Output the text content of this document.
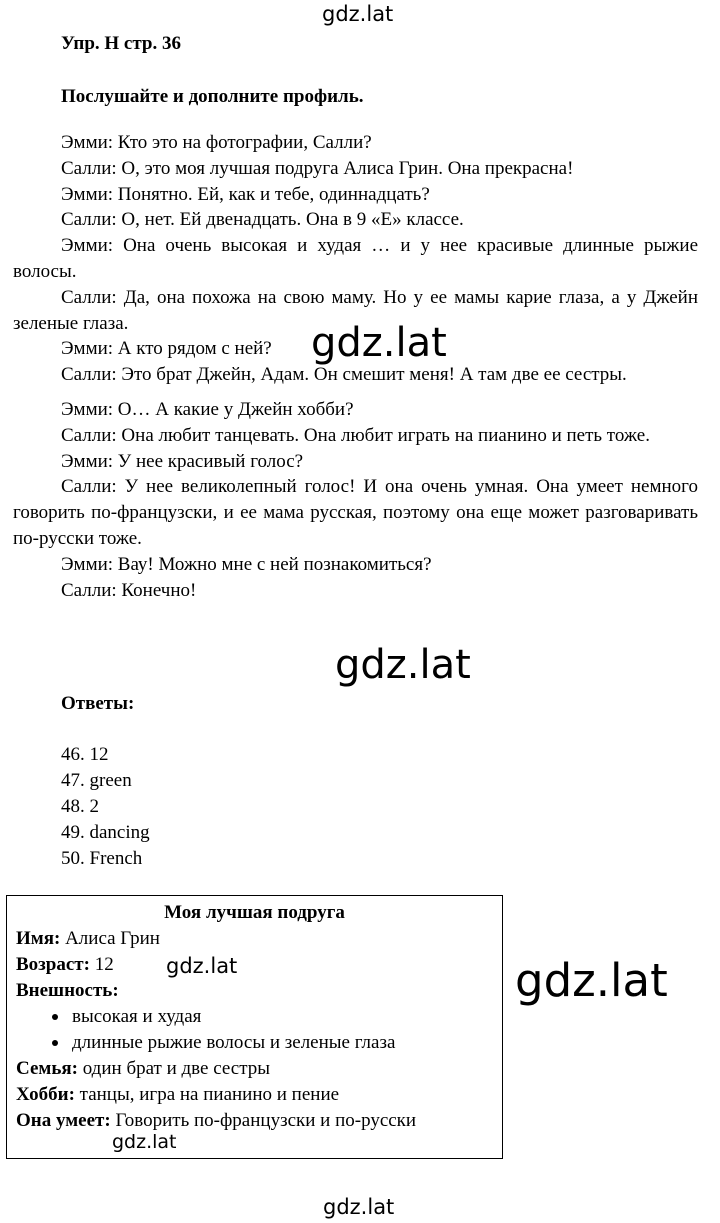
gdz.lat
Упр. H стр. 36
Послушайте и дополните профиль.

Эмми: Кто это на фотографии, Салли?

Салли: О, это моя лучшая подруга Алиса Грин. Она прекрасна!

Эмми: Понятно. Ей, как и тебе, одиннадцать?

Салли: О, нет. Ей двенадцать. Она в 9 «Е» классе.

Эмми: Она очень высокая и худая … и у нее красивые длинные рыжие волосы.

Салли: Да, она похожа на свою маму. Но у ее мамы карие глаза, а у Джейн зеленые глаза.

Эмми: А кто рядом с ней?

Салли: Это брат Джейн, Адам. Он смешит меня! А там две ее сестры.

Эмми: О… А какие у Джейн хобби?

Салли: Она любит танцевать. Она любит играть на пианино и петь тоже.

Эмми: У нее красивый голос?

Салли: У нее великолепный голос! И она очень умная. Она умеет немного говорить по-французски, и ее мама русская, поэтому она еще может разговаривать по-русски тоже.

Эмми: Вау! Можно мне с ней познакомиться?

Салли: Конечно!

gdz.lat
gdz.lat
Ответы:
46. 12
47. green
48. 2
49. dancing
50. French
Моя лучшая подруга
Имя: Алиса Грин
Возраст: 12
Внешность:
высокая и худая
длинные рыжие волосы и зеленые глаза
Семья: один брат и две сестры
Хобби: танцы, игра на пианино и пение
Она умеет: Говорить по-французски и по-русски
gdz.lat
gdz.lat
gdz.lat
gdz.lat
